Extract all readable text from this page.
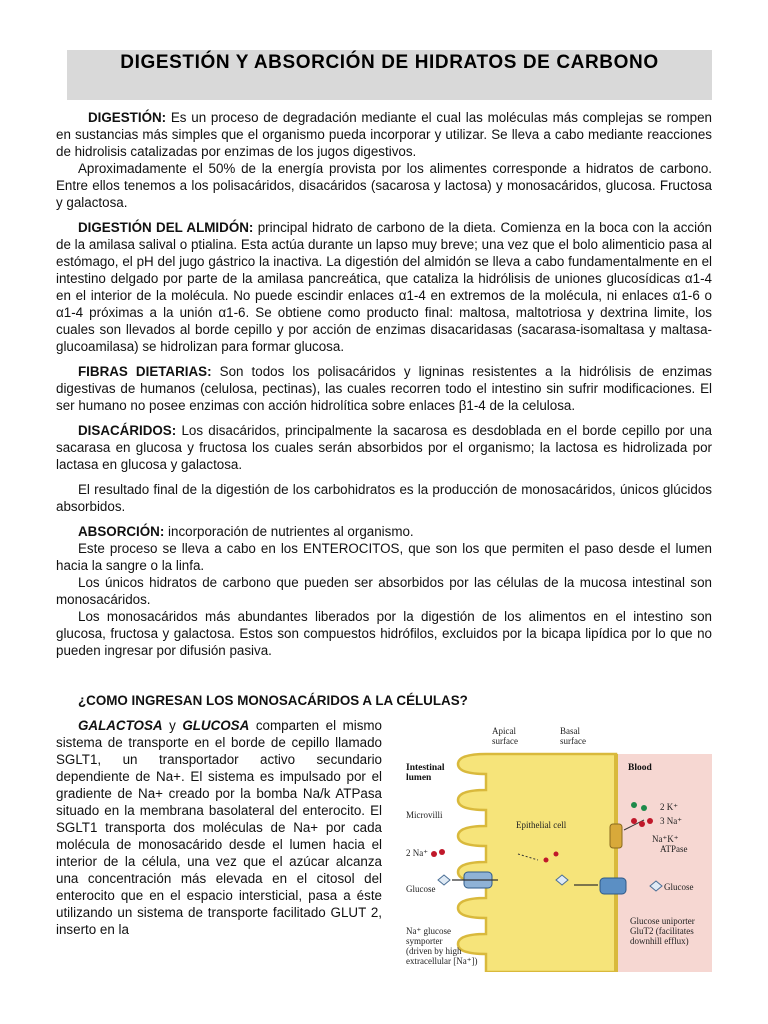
DIGESTIÓN Y ABSORCIÓN DE HIDRATOS DE CARBONO

DIGESTIÓN: Es un proceso de degradación mediante el cual las moléculas más complejas se rompen en sustancias más simples que el organismo pueda incorporar y utilizar. Se lleva a cabo mediante reacciones de hidrolisis catalizadas por enzimas de los jugos digestivos.

Aproximadamente el 50% de la energía provista por los alimentes corresponde a hidratos de carbono. Entre ellos tenemos a los polisacáridos, disacáridos (sacarosa y lactosa) y monosacáridos, glucosa. Fructosa y galactosa.

DIGESTIÓN DEL ALMIDÓN: principal hidrato de carbono de la dieta. Comienza en la boca con la acción de la amilasa salival o ptialina. Esta actúa durante un lapso muy breve; una vez que el bolo alimenticio pasa al estómago, el pH del jugo gástrico la inactiva. La digestión del almidón se lleva a cabo fundamentalmente en el intestino delgado por parte de la amilasa pancreática, que cataliza la hidrólisis de uniones glucosídicas α1-4 en el interior de la molécula. No puede escindir enlaces α1-4 en extremos de la molécula, ni enlaces α1-6 o α1-4 próximas a la unión α1-6. Se obtiene como producto final: maltosa, maltotriosa y dextrina limite, los cuales son llevados al borde cepillo y por acción de enzimas disacaridasas (sacarasa-isomaltasa y maltasa-glucoamilasa) se hidrolizan para formar glucosa.

FIBRAS DIETARIAS: Son todos los polisacáridos y ligninas resistentes a la hidrólisis de enzimas digestivas de humanos (celulosa, pectinas), las cuales recorren todo el intestino sin sufrir modificaciones. El ser humano no posee enzimas con acción hidrolítica sobre enlaces β1-4 de la celulosa.

DISACÁRIDOS: Los disacáridos, principalmente la sacarosa es desdoblada en el borde cepillo por una sacarasa en glucosa y fructosa los cuales serán absorbidos por el organismo; la lactosa es hidrolizada por lactasa en glucosa y galactosa.

El resultado final de la digestión de los carbohidratos es la producción de monosacáridos, únicos glúcidos absorbidos.

ABSORCIÓN: incorporación de nutrientes al organismo.

Este proceso se lleva a cabo en los ENTEROCITOS, que son los que permiten el paso desde el lumen hacia la sangre o la linfa.

Los únicos hidratos de carbono que pueden ser absorbidos por las células de la mucosa intestinal son monosacáridos.

Los monosacáridos más abundantes liberados por la digestión de los alimentos en el intestino son glucosa, fructosa y galactosa. Estos son compuestos hidrófilos, excluidos por la bicapa lipídica por lo que no pueden ingresar por difusión pasiva.

¿COMO INGRESAN LOS MONOSACÁRIDOS A LA CÉLULAS?

GALACTOSA y GLUCOSA comparten el mismo sistema de transporte en el borde de cepillo llamado SGLT1, un transportador activo secundario dependiente de Na+. El sistema es impulsado por el gradiente de Na+ creado por la bomba Na/k ATPasa situado en la membrana basolateral del enterocito. El SGLT1 transporta dos moléculas de Na+ por cada molécula de monosacárido desde el lumen hacia el interior de la célula, una vez que el azúcar alcanza una concentración más elevada en el citosol del enterocito que en el espacio intersticial, pasa a éste utilizando un sistema de transporte facilitado GLUT 2, inserto en la

Apical
surface
Basal
surface
Intestinal
lumen
Blood
Microvilli
Epithelial cell
2 Na⁺
2 K⁺
3 Na⁺
Na⁺K⁺
ATPase
Glucose	Glucose
Na⁺ glucose
symporter
(driven by high
extracellular [Na⁺])
Glucose uniporter
GluT2 (facilitates
downhill efflux)
